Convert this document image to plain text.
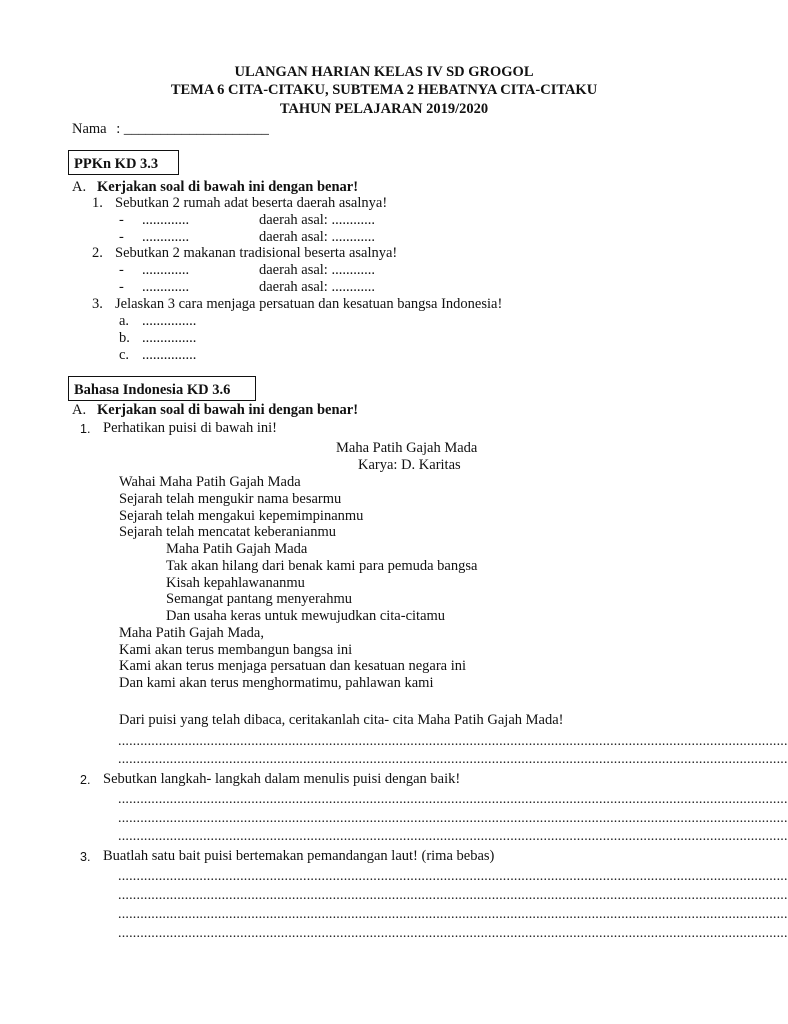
ULANGAN HARIAN KELAS IV SD GROGOL
TEMA 6 CITA-CITAKU, SUBTEMA 2 HEBATNYA CITA-CITAKU
TAHUN PELAJARAN 2019/2020
Nama : ____________________
PPKn KD 3.3
A. Kerjakan soal di bawah ini dengan benar!
1. Sebutkan 2 rumah adat beserta daerah asalnya!
- .............	daerah asal: ............
- .............	daerah asal: ............
2. Sebutkan 2 makanan tradisional beserta asalnya!
- .............	daerah asal: ............
- .............	daerah asal: ............
3. Jelaskan 3 cara menjaga persatuan dan kesatuan bangsa Indonesia!
a. ...............
b. ...............
c. ...............
Bahasa Indonesia KD 3.6
A. Kerjakan soal di bawah ini dengan benar!
1. Perhatikan puisi di bawah ini!
Maha Patih Gajah Mada
Karya: D. Karitas
Wahai Maha Patih Gajah Mada
Sejarah telah mengukir nama besarmu
Sejarah telah mengakui kepemimpinanmu
Sejarah telah mencatat keberanianmu
Maha Patih Gajah Mada
Tak akan hilang dari benak kami para pemuda bangsa
Kisah kepahlawananmu
Semangat pantang menyerahmu
Dan usaha keras untuk mewujudkan cita-citamu
Maha Patih Gajah Mada,
Kami akan terus membangun bangsa ini
Kami akan terus menjaga persatuan dan kesatuan negara ini
Dan kami akan terus menghormatimu, pahlawan kami
Dari puisi yang telah dibaca, ceritakanlah cita- cita Maha Patih Gajah Mada!
.....................................................................................................................................................................................
.....................................................................................................................................................................................
2. Sebutkan langkah- langkah dalam menulis puisi dengan baik!
.....................................................................................................................................................................................
.....................................................................................................................................................................................
.....................................................................................................................................................................................
3. Buatlah satu bait puisi bertemakan pemandangan laut! (rima bebas)
.....................................................................................................................................................................................
.....................................................................................................................................................................................
.....................................................................................................................................................................................
.....................................................................................................................................................................................
